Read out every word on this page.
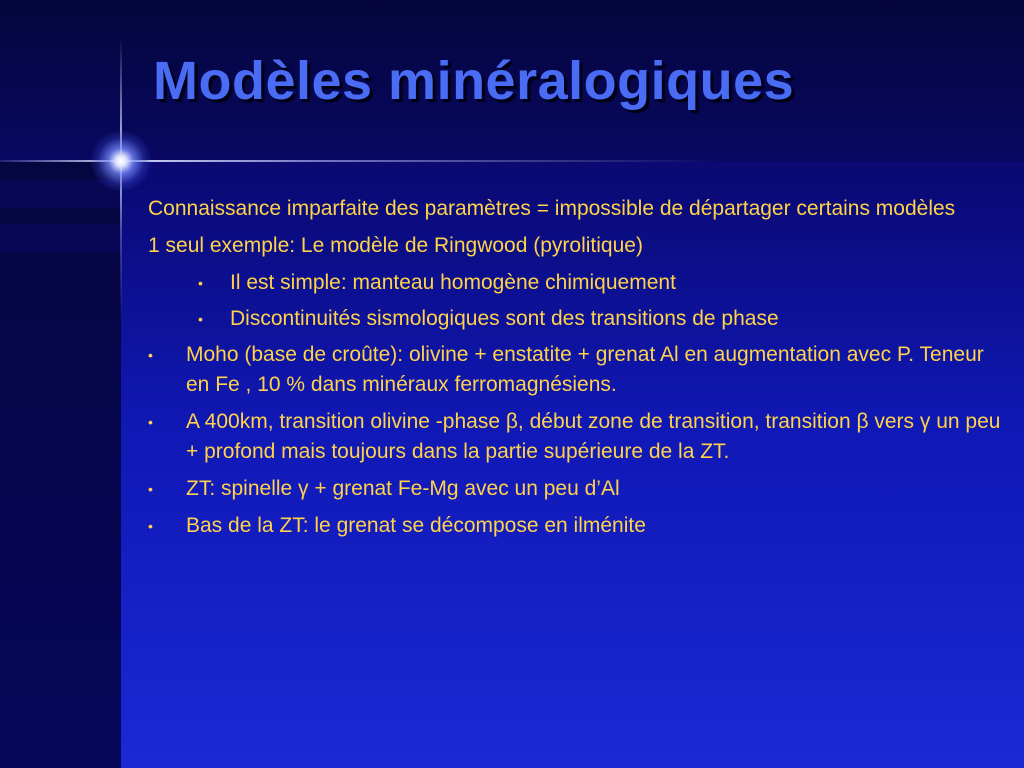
Modèles minéralogiques

Connaissance imparfaite des paramètres = impossible de départager certains modèles

1 seul exemple: Le modèle de Ringwood (pyrolitique)

• Il est simple: manteau homogène chimiquement
• Discontinuités sismologiques sont des transitions de phase
• Moho (base de croûte): olivine + enstatite + grenat Al en augmentation avec P. Teneur en Fe , 10 % dans minéraux ferromagnésiens.
• A 400km, transition olivine -phase β, début zone de transition, transition β vers γ un peu + profond mais toujours dans la partie supérieure de la ZT.
• ZT: spinelle γ + grenat Fe-Mg avec un peu d’Al
• Bas de la ZT: le grenat se décompose en ilménite
